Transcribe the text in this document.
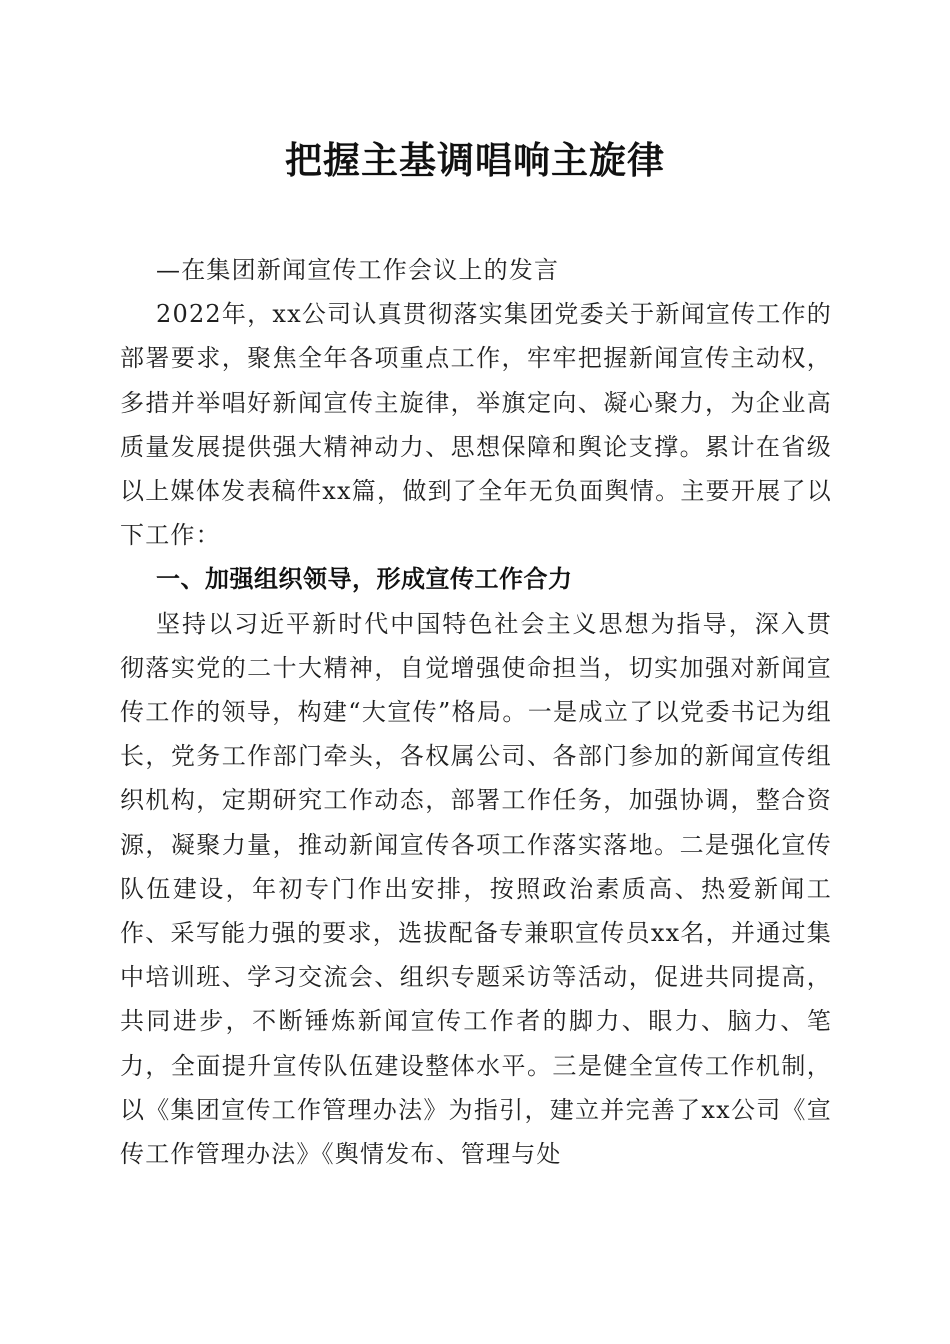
把握主基调唱响主旋律

—在集团新闻宣传工作会议上的发言

2022年，xx公司认真贯彻落实集团党委关于新闻宣传工作的部署要求，聚焦全年各项重点工作，牢牢把握新闻宣传主动权，多措并举唱好新闻宣传主旋律，举旗定向、凝心聚力，为企业高质量发展提供强大精神动力、思想保障和舆论支撑。累计在省级以上媒体发表稿件xx篇，做到了全年无负面舆情。主要开展了以下工作：

一、加强组织领导，形成宣传工作合力

坚持以习近平新时代中国特色社会主义思想为指导，深入贯彻落实党的二十大精神，自觉增强使命担当，切实加强对新闻宣传工作的领导，构建“大宣传”格局。一是成立了以党委书记为组长，党务工作部门牵头，各权属公司、各部门参加的新闻宣传组织机构，定期研究工作动态，部署工作任务，加强协调，整合资源，凝聚力量，推动新闻宣传各项工作落实落地。二是强化宣传队伍建设，年初专门作出安排，按照政治素质高、热爱新闻工作、采写能力强的要求，选拔配备专兼职宣传员xx名，并通过集中培训班、学习交流会、组织专题采访等活动，促进共同提高，共同进步，不断锤炼新闻宣传工作者的脚力、眼力、脑力、笔力，全面提升宣传队伍建设整体水平。三是健全宣传工作机制，以《集团宣传工作管理办法》为指引，建立并完善了xx公司《宣传工作管理办法》《舆情发布、管理与处
